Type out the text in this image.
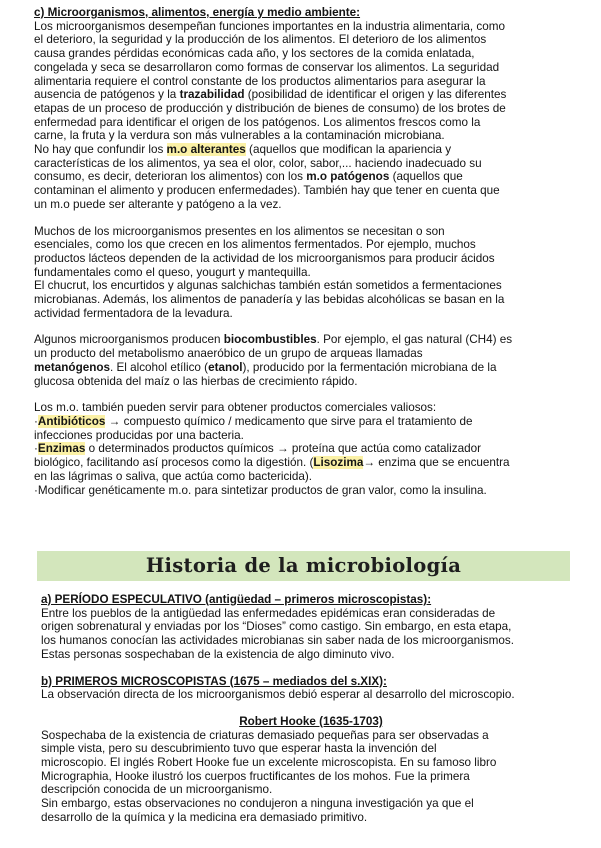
c) Microorganismos, alimentos, energía y medio ambiente:

Los microorganismos desempeñan funciones importantes en la industria alimentaria, como
el deterioro, la seguridad y la producción de los alimentos. El deterioro de los alimentos
causa grandes pérdidas económicas cada año, y los sectores de la comida enlatada,
congelada y seca se desarrollaron como formas de conservar los alimentos. La seguridad
alimentaria requiere el control constante de los productos alimentarios para asegurar la
ausencia de patógenos y la trazabilidad (posibilidad de identificar el origen y las diferentes
etapas de un proceso de producción y distribución de bienes de consumo) de los brotes de
enfermedad para identificar el origen de los patógenos. Los alimentos frescos como la
carne, la fruta y la verdura son más vulnerables a la contaminación microbiana.
No hay que confundir los m.o alterantes (aquellos que modifican la apariencia y
características de los alimentos, ya sea el olor, color, sabor,... haciendo inadecuado su
consumo, es decir, deterioran los alimentos) con los m.o patógenos (aquellos que
contaminan el alimento y producen enfermedades). También hay que tener en cuenta que
un m.o puede ser alterante y patógeno a la vez.

Muchos de los microorganismos presentes en los alimentos se necesitan o son
esenciales, como los que crecen en los alimentos fermentados. Por ejemplo, muchos
productos lácteos dependen de la actividad de los microorganismos para producir ácidos
fundamentales como el queso, yougurt y mantequilla.
El chucrut, los encurtidos y algunas salchichas también están sometidos a fermentaciones
microbianas. Además, los alimentos de panadería y las bebidas alcohólicas se basan en la
actividad fermentadora de la levadura.

Algunos microorganismos producen biocombustibles. Por ejemplo, el gas natural (CH4) es
un producto del metabolismo anaeróbico de un grupo de arqueas llamadas
metanógenos. El alcohol etílico (etanol), producido por la fermentación microbiana de la
glucosa obtenida del maíz o las hierbas de crecimiento rápido.

Los m.o. también pueden servir para obtener productos comerciales valiosos:
·Antibióticos → compuesto químico / medicamento que sirve para el tratamiento de
infecciones producidas por una bacteria.
·Enzimas o determinados productos químicos → proteína que actúa como catalizador
biológico, facilitando así procesos como la digestión. (Lisozima→ enzima que se encuentra
en las lágrimas o saliva, que actúa como bactericida).
·Modificar genéticamente m.o. para sintetizar productos de gran valor, como la insulina.

Historia de la microbiología

a) PERÍODO ESPECULATIVO (antigüedad – primeros microscopistas):

Entre los pueblos de la antigüedad las enfermedades epidémicas eran consideradas de
origen sobrenatural y enviadas por los “Dioses” como castigo. Sin embargo, en esta etapa,
los humanos conocían las actividades microbianas sin saber nada de los microorganismos.
Estas personas sospechaban de la existencia de algo diminuto vivo.

b) PRIMEROS MICROSCOPISTAS (1675 – mediados del s.XIX):

La observación directa de los microorganismos debió esperar al desarrollo del microscopio.

Robert Hooke (1635-1703)

Sospechaba de la existencia de criaturas demasiado pequeñas para ser observadas a
simple vista, pero su descubrimiento tuvo que esperar hasta la invención del
microscopio. El inglés Robert Hooke fue un excelente microscopista. En su famoso libro
Micrographia, Hooke ilustró los cuerpos fructificantes de los mohos. Fue la primera
descripción conocida de un microorganismo.
Sin embargo, estas observaciones no condujeron a ninguna investigación ya que el
desarrollo de la química y la medicina era demasiado primitivo.
